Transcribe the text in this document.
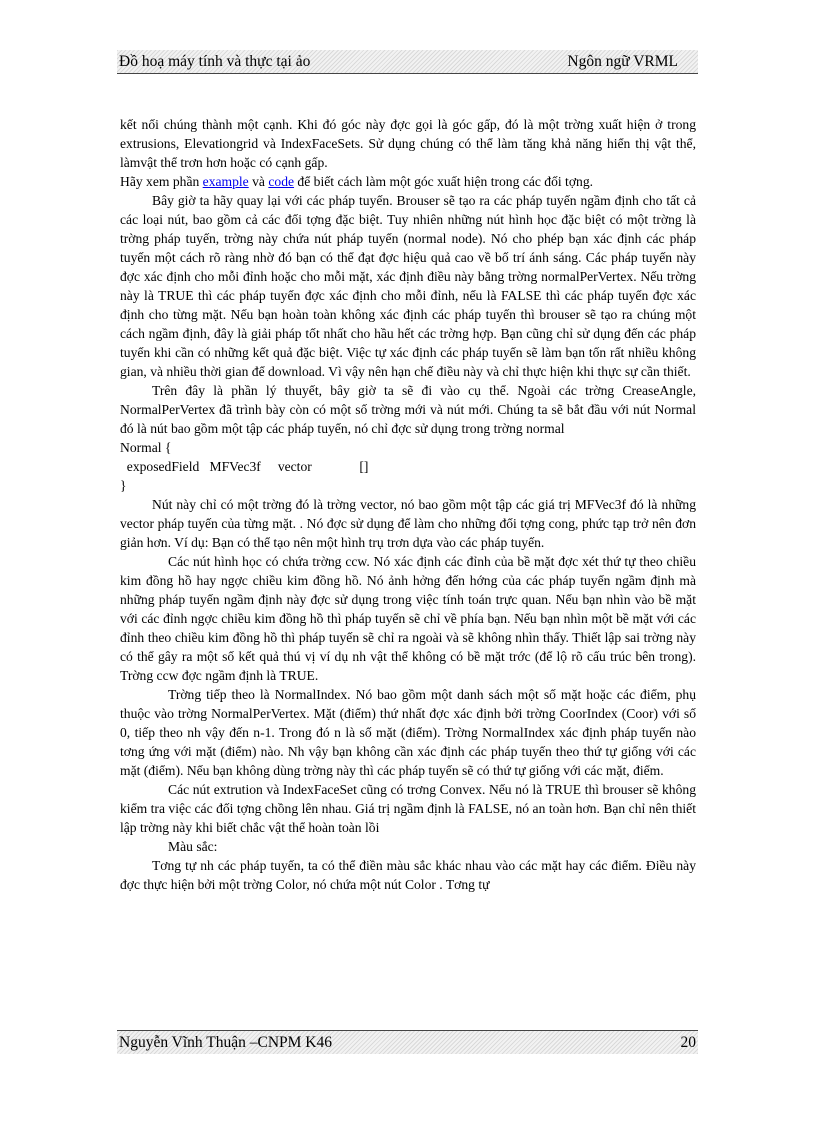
Đồ hoạ máy tính và thực tại ảo	Ngôn ngữ VRML

kết nối chúng thành một cạnh. Khi đó góc này đợc gọi là góc gấp, đó là một trờng xuất hiện ở trong extrusions, Elevationgrid và IndexFaceSets. Sử dụng chúng có thể làm tăng khả năng hiển thị vật thể, làmvật thể trơn hơn hoặc có cạnh gấp.

Hãy xem phần example và code để biết cách làm một góc xuất hiện trong các đối tợng.

Bây giờ ta hãy quay lại với các pháp tuyến. Brouser sẽ tạo ra các pháp tuyến ngầm định cho tất cả các loại nút, bao gồm cả các đối tợng đặc biệt. Tuy nhiên những nút hình học đặc biệt có một trờng là trờng pháp tuyến, trờng này chứa nút pháp tuyến (normal node). Nó cho phép bạn xác định các pháp tuyến một cách rõ ràng nhờ đó bạn có thể đạt đợc hiệu quả cao về bố trí ánh sáng. Các pháp tuyến này đợc xác định cho mỗi đỉnh hoặc cho mỗi mặt, xác định điều này bằng trờng normalPerVertex. Nếu trờng này là TRUE thì các pháp tuyến đợc xác định cho mỗi đỉnh, nếu là FALSE thì các pháp tuyến đợc xác định cho từng mặt. Nếu bạn hoàn toàn không xác định các pháp tuyến thì brouser sẽ tạo ra chúng một cách ngầm định, đây là giải pháp tốt nhất cho hầu hết các trờng hợp. Bạn cũng chỉ sử dụng đến các pháp tuyến khi cần có những kết quả đặc biệt. Việc tự xác định các pháp tuyến sẽ làm bạn tốn rất nhiều không gian, và nhiều thời gian để download. Vì vậy nên hạn chế điều này và chỉ thực hiện khi thực sự cần thiết.

Trên đây là phần lý thuyết, bây giờ ta sẽ đi vào cụ thể. Ngoài các trờng CreaseAngle, NormalPerVertex đã trình bày còn có một số trờng mới và nút mới. Chúng ta sẽ bắt đầu với nút Normal đó là nút bao gồm một tập các pháp tuyến, nó chỉ đợc sử dụng trong trờng normal

Normal {

exposedField   MFVec3f     vector              []

}

Nút này chỉ có một trờng đó là trờng vector, nó bao gồm một tập các giá trị MFVec3f đó là những vector pháp tuyến của từng mặt. . Nó đợc sử dụng để làm cho những đối tợng cong, phức tạp trở nên đơn giản hơn. Ví dụ: Bạn có thể tạo nên một hình trụ trơn dựa vào các pháp tuyến.

Các nút hình học có chứa trờng ccw. Nó xác định các đỉnh của bề mặt đợc xét thứ tự theo chiều kim đồng hồ hay ngợc chiều kim đồng hồ. Nó ảnh hởng đến hớng của các pháp tuyến ngầm định mà những pháp tuyến ngầm định này đợc sử dụng trong việc tính toán trực quan. Nếu bạn nhìn vào bề mặt với các đỉnh ngợc chiều kim đồng hồ thì pháp tuyến sẽ chỉ về phía bạn. Nếu bạn nhìn một bề mặt với các đỉnh theo chiều kim đồng hồ thì pháp tuyến sẽ chỉ ra ngoài và sẽ không nhìn thấy. Thiết lập sai trờng này có thể gây ra một số kết quả thú vị ví dụ nh vật thể không có bề mặt trớc (để lộ rõ cấu trúc bên trong). Trờng ccw đợc ngầm định là TRUE.

Trờng tiếp theo là NormalIndex. Nó bao gồm một danh sách một số mặt hoặc các điểm, phụ thuộc vào trờng NormalPerVertex. Mặt (điểm) thứ nhất đợc xác định bởi trờng CoorIndex (Coor) với số 0, tiếp theo nh vậy đến n-1. Trong đó n là số mặt (điểm). Trờng NormalIndex xác định pháp tuyến nào tơng ứng với mặt (điểm) nào. Nh vậy bạn không cần xác định các pháp tuyến theo thứ tự giống với các mặt (điểm). Nếu bạn không dùng trờng này thì các pháp tuyến sẽ có thứ tự giống với các mặt, điểm.

Các nút extrution và IndexFaceSet cũng có trơng Convex. Nếu nó là TRUE thì brouser sẽ không kiểm tra việc các đối tợng chồng lên nhau. Giá trị ngầm định là FALSE, nó an toàn hơn. Bạn chỉ nên thiết lập trờng này khi biết chắc vật thể hoàn toàn lồi

Màu sắc:

Tơng tự nh các pháp tuyến, ta có thể điền màu sắc khác nhau vào các mặt hay các điểm. Điều này đợc thực hiện bởi một trờng Color, nó chứa một nút Color . Tơng tự

Nguyễn Vĩnh Thuận –CNPM K46	20
